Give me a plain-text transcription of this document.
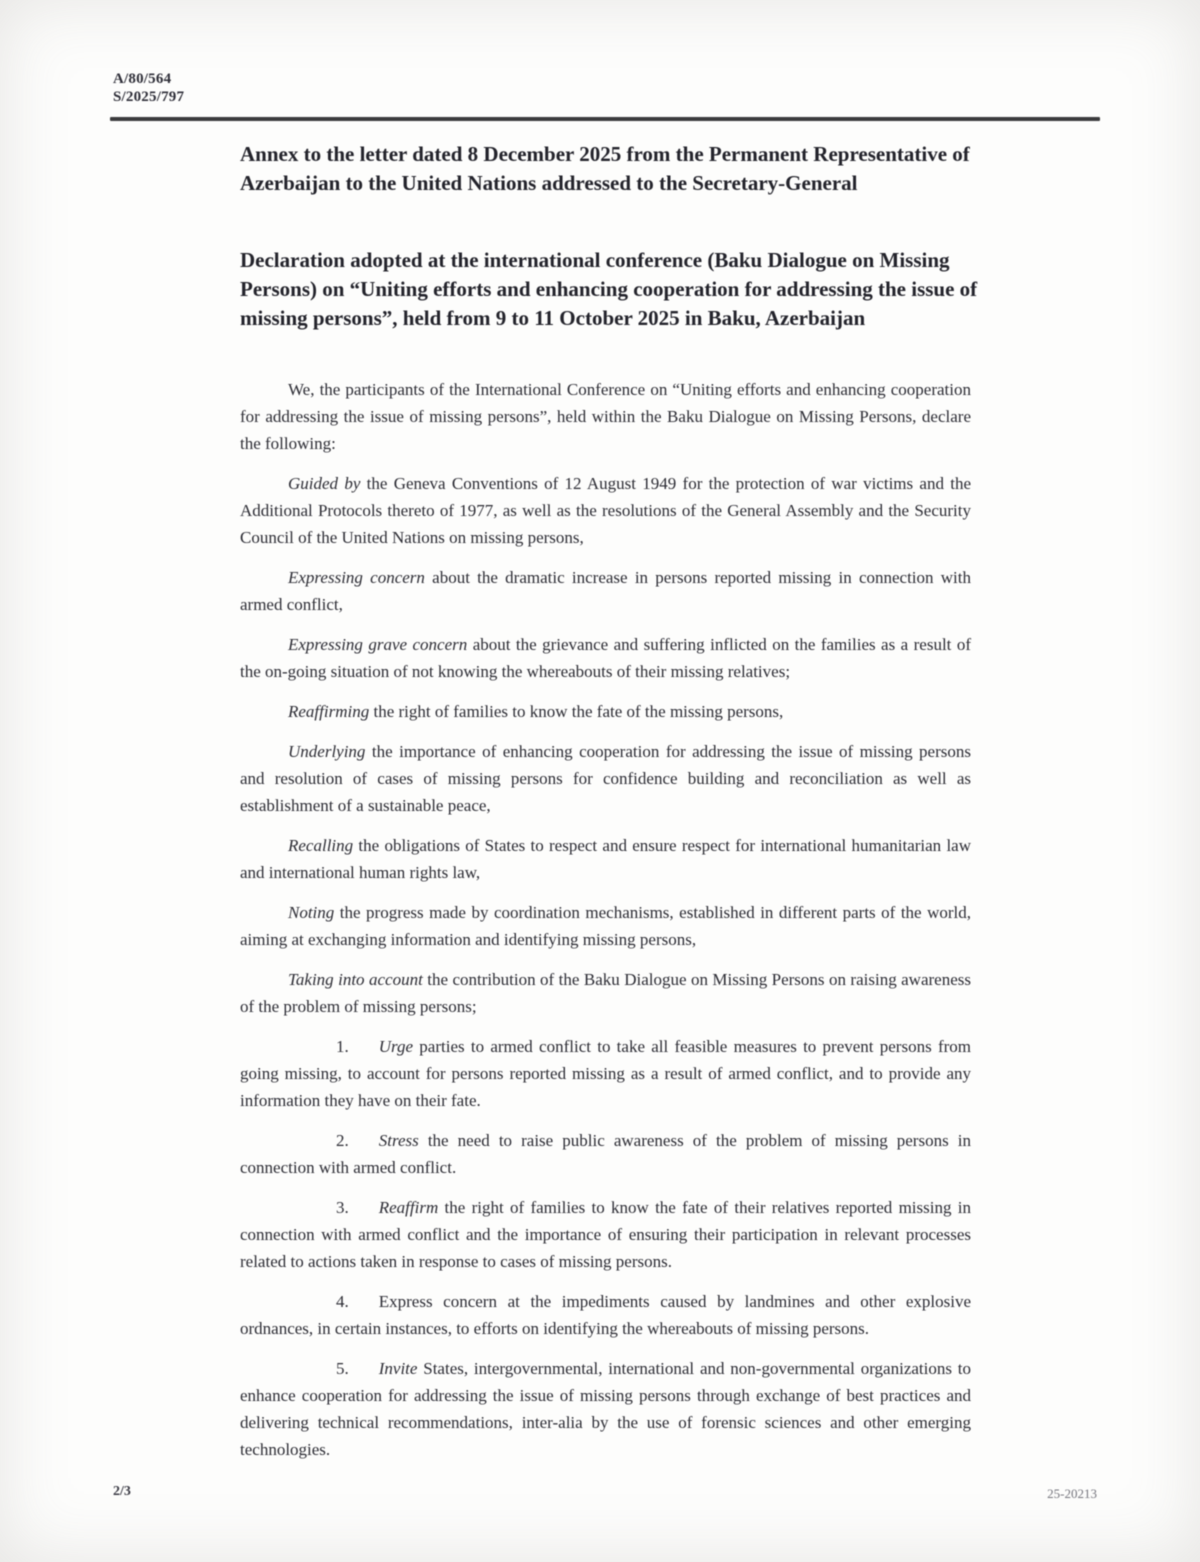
A/80/564
S/2025/797
Annex to the letter dated 8 December 2025 from the Permanent Representative of Azerbaijan to the United Nations addressed to the Secretary-General
Declaration adopted at the international conference (Baku Dialogue on Missing Persons) on “Uniting efforts and enhancing cooperation for addressing the issue of missing persons”, held from 9 to 11 October 2025 in Baku, Azerbaijan

We, the participants of the International Conference on “Uniting efforts and enhancing cooperation for addressing the issue of missing persons”, held within the Baku Dialogue on Missing Persons, declare the following:

Guided by the Geneva Conventions of 12 August 1949 for the protection of war victims and the Additional Protocols thereto of 1977, as well as the resolutions of the General Assembly and the Security Council of the United Nations on missing persons,

Expressing concern about the dramatic increase in persons reported missing in connection with armed conflict,

Expressing grave concern about the grievance and suffering inflicted on the families as a result of the on-going situation of not knowing the whereabouts of their missing relatives;

Reaffirming the right of families to know the fate of the missing persons,

Underlying the importance of enhancing cooperation for addressing the issue of missing persons and resolution of cases of missing persons for confidence building and reconciliation as well as establishment of a sustainable peace,

Recalling the obligations of States to respect and ensure respect for international humanitarian law and international human rights law,

Noting the progress made by coordination mechanisms, established in different parts of the world, aiming at exchanging information and identifying missing persons,

Taking into account the contribution of the Baku Dialogue on Missing Persons on raising awareness of the problem of missing persons;

1. Urge parties to armed conflict to take all feasible measures to prevent persons from going missing, to account for persons reported missing as a result of armed conflict, and to provide any information they have on their fate.

2. Stress the need to raise public awareness of the problem of missing persons in connection with armed conflict.

3. Reaffirm the right of families to know the fate of their relatives reported missing in connection with armed conflict and the importance of ensuring their participation in relevant processes related to actions taken in response to cases of missing persons.

4. Express concern at the impediments caused by landmines and other explosive ordnances, in certain instances, to efforts on identifying the whereabouts of missing persons.

5. Invite States, intergovernmental, international and non-governmental organizations to enhance cooperation for addressing the issue of missing persons through exchange of best practices and delivering technical recommendations, inter-alia by the use of forensic sciences and other emerging technologies.

2/3	25-20213
